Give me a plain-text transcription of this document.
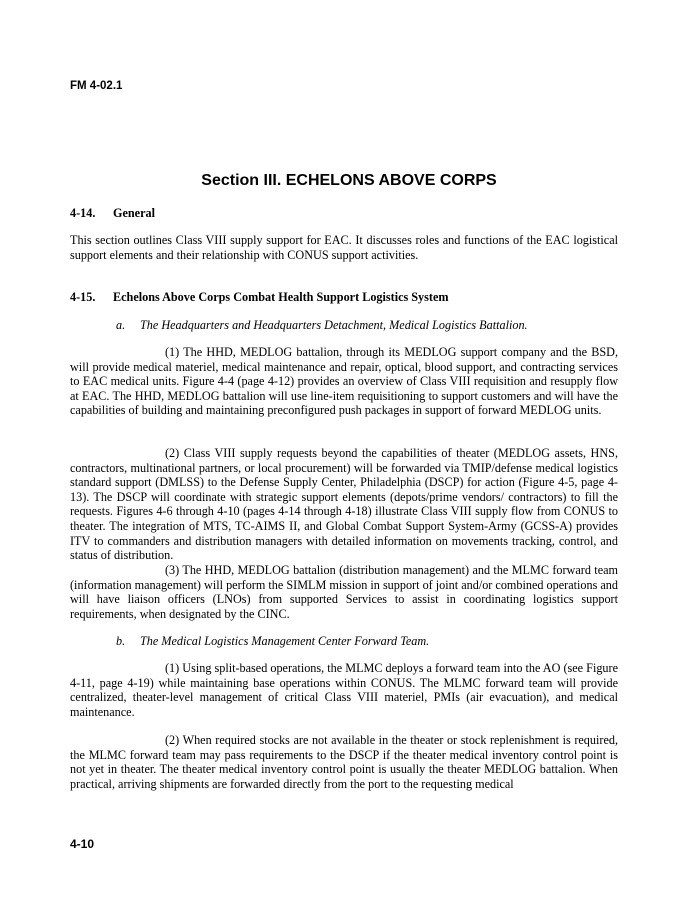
FM 4-02.1
Section III. ECHELONS ABOVE CORPS
4-14. General

This section outlines Class VIII supply support for EAC. It discusses roles and functions of the EAC logistical support elements and their relationship with CONUS support activities.

4-15. Echelons Above Corps Combat Health Support Logistics System
a. The Headquarters and Headquarters Detachment, Medical Logistics Battalion.

(1) The HHD, MEDLOG battalion, through its MEDLOG support company and the BSD, will provide medical materiel, medical maintenance and repair, optical, blood support, and contracting services to EAC medical units. Figure 4-4 (page 4-12) provides an overview of Class VIII requisition and resupply flow at EAC. The HHD, MEDLOG battalion will use line-item requisitioning to support customers and will have the capabilities of building and maintaining preconfigured push packages in support of forward MEDLOG units.

(2) Class VIII supply requests beyond the capabilities of theater (MEDLOG assets, HNS, contractors, multinational partners, or local procurement) will be forwarded via TMIP/defense medical logistics standard support (DMLSS) to the Defense Supply Center, Philadelphia (DSCP) for action (Figure 4-5, page 4-13). The DSCP will coordinate with strategic support elements (depots/prime vendors/ contractors) to fill the requests. Figures 4-6 through 4-10 (pages 4-14 through 4-18) illustrate Class VIII supply flow from CONUS to theater. The integration of MTS, TC-AIMS II, and Global Combat Support System-Army (GCSS-A) provides ITV to commanders and distribution managers with detailed information on movements tracking, control, and status of distribution.

(3) The HHD, MEDLOG battalion (distribution management) and the MLMC forward team (information management) will perform the SIMLM mission in support of joint and/or combined operations and will have liaison officers (LNOs) from supported Services to assist in coordinating logistics support requirements, when designated by the CINC.

b. The Medical Logistics Management Center Forward Team.

(1) Using split-based operations, the MLMC deploys a forward team into the AO (see Figure 4-11, page 4-19) while maintaining base operations within CONUS. The MLMC forward team will provide centralized, theater-level management of critical Class VIII materiel, PMIs (air evacuation), and medical maintenance.

(2) When required stocks are not available in the theater or stock replenishment is required, the MLMC forward team may pass requirements to the DSCP if the theater medical inventory control point is not yet in theater. The theater medical inventory control point is usually the theater MEDLOG battalion. When practical, arriving shipments are forwarded directly from the port to the requesting medical

4-10
